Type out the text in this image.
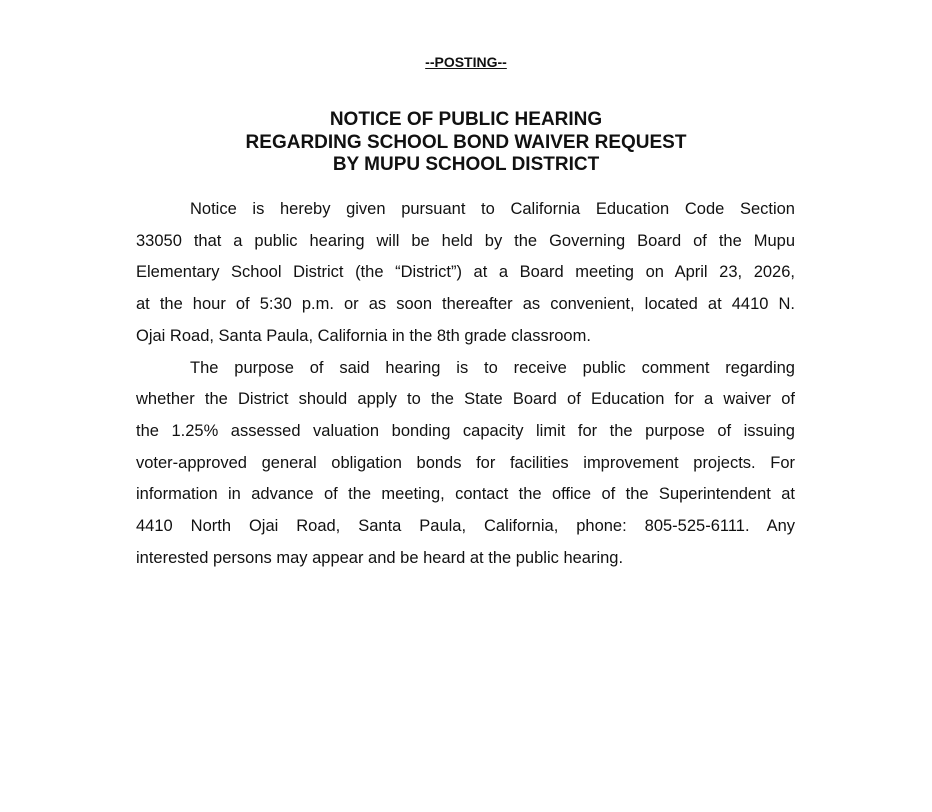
--POSTING--
NOTICE OF PUBLIC HEARING
REGARDING SCHOOL BOND WAIVER REQUEST
BY MUPU SCHOOL DISTRICT
Notice is hereby given pursuant to California Education Code Section
33050 that a public hearing will be held by the Governing Board of the Mupu
Elementary School District (the “District”) at a Board meeting on April 23, 2026,
at the hour of 5:30 p.m. or as soon thereafter as convenient, located at 4410 N.
Ojai Road, Santa Paula, California in the 8th grade classroom.
The purpose of said hearing is to receive public comment regarding
whether the District should apply to the State Board of Education for a waiver of
the 1.25% assessed valuation bonding capacity limit for the purpose of issuing
voter-approved general obligation bonds for facilities improvement projects. For
information in advance of the meeting, contact the office of the Superintendent at
4410 North Ojai Road, Santa Paula, California, phone: 805-525-6111. Any
interested persons may appear and be heard at the public hearing.
